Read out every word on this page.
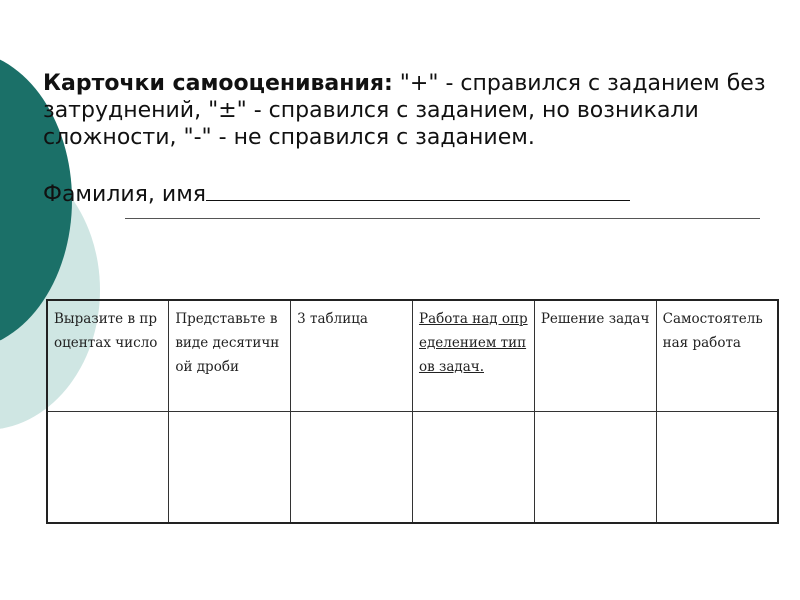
Карточки самооценивания: "+" - справился с заданием без затруднений, "±" - справился с заданием, но возникали сложности, "-" - не справился с заданием.

Фамилия, имя
Выразите в процентах число	Представьте в виде десятичной дроби	3 таблица	Работа над определением типов задач.	Решение задач	Самостоятельная работа
